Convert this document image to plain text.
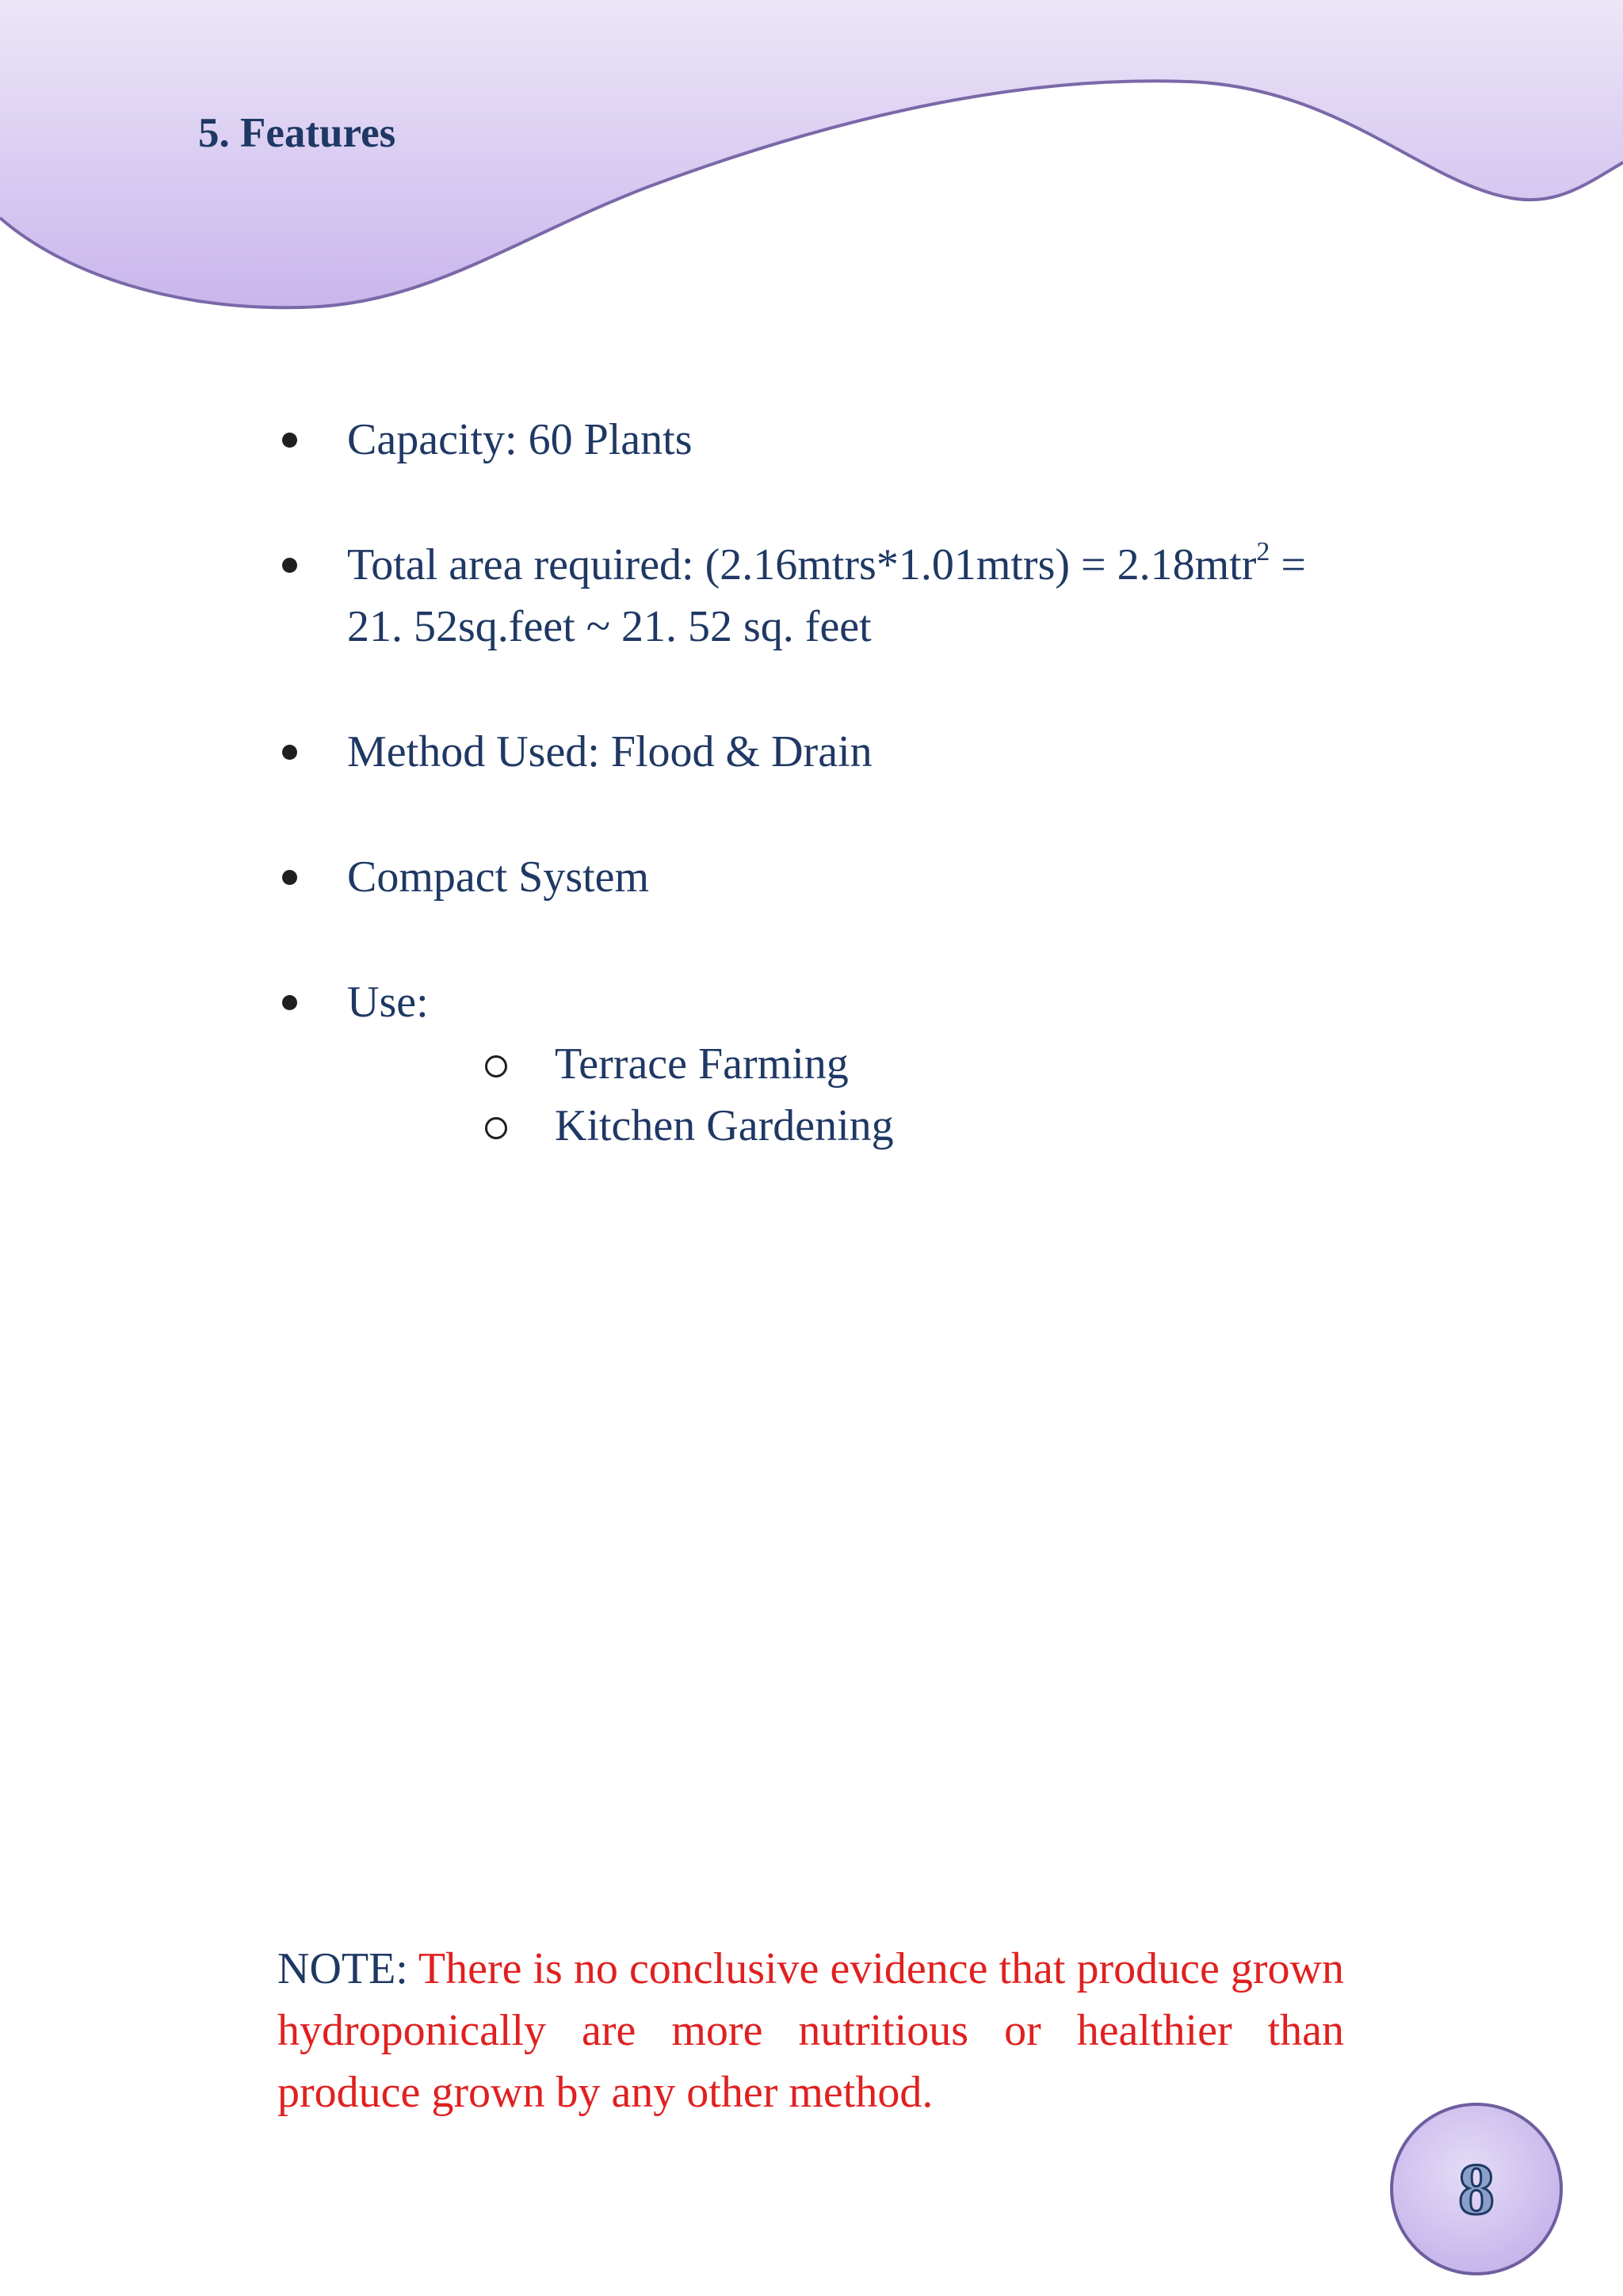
5. Features
Capacity: 60 Plants
Total area required: (2.16mtrs*1.01mtrs) = 2.18mtr$^2$ =
21. 52sq.feet ~ 21. 52 sq. feet
Method Used: Flood & Drain
Compact System
Use:
Terrace Farming
Kitchen Gardening

NOTE: There is no conclusive evidence that produce grown hydroponically are more nutritious or healthier than produce grown by any other method.

8
